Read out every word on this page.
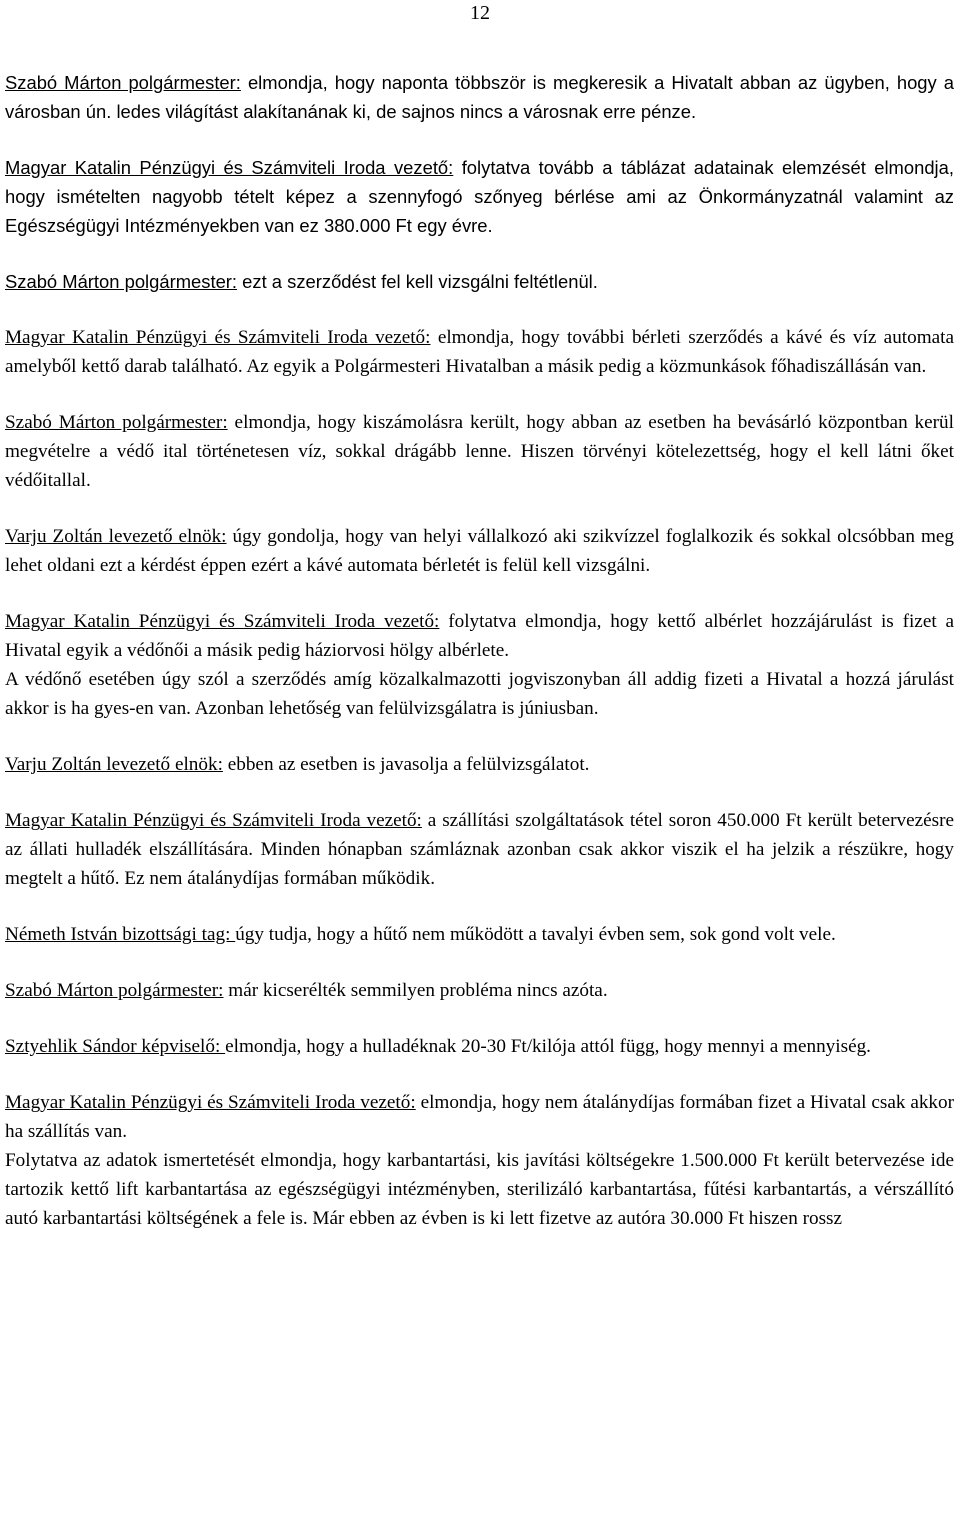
12

Szabó Márton polgármester: elmondja, hogy naponta többször is megkeresik a Hivatalt abban az ügyben, hogy a városban ún. ledes világítást alakítanának ki, de sajnos nincs a városnak erre pénze.

Magyar Katalin Pénzügyi és Számviteli Iroda vezető: folytatva tovább a táblázat adatainak elemzését elmondja, hogy ismételten nagyobb tételt képez a szennyfogó szőnyeg bérlése ami az Önkormányzatnál valamint az Egészségügyi Intézményekben van ez 380.000 Ft egy évre.

Szabó Márton polgármester: ezt a szerződést fel kell vizsgálni feltétlenül.

Magyar Katalin Pénzügyi és Számviteli Iroda vezető: elmondja, hogy további bérleti szerződés a kávé és víz automata amelyből kettő darab található. Az egyik a Polgármesteri Hivatalban a másik pedig a közmunkások főhadiszállásán van.

Szabó Márton polgármester: elmondja, hogy kiszámolásra került, hogy abban az esetben ha bevásárló központban kerül megvételre a védő ital történetesen víz, sokkal drágább lenne. Hiszen törvényi kötelezettség, hogy el kell látni őket védőitallal.

Varju Zoltán levezető elnök: úgy gondolja, hogy van helyi vállalkozó aki szikvízzel foglalkozik és sokkal olcsóbban meg lehet oldani ezt a kérdést éppen ezért a kávé automata bérletét is felül kell vizsgálni.

Magyar Katalin Pénzügyi és Számviteli Iroda vezető: folytatva elmondja, hogy kettő albérlet hozzájárulást is fizet a Hivatal egyik a védőnői a másik pedig háziorvosi hölgy albérlete.

A védőnő esetében úgy szól a szerződés amíg közalkalmazotti jogviszonyban áll addig fizeti a Hivatal a hozzá járulást akkor is ha gyes-en van. Azonban lehetőség van felülvizsgálatra is júniusban.

Varju Zoltán levezető elnök: ebben az esetben is javasolja a felülvizsgálatot.

Magyar Katalin Pénzügyi és Számviteli Iroda vezető: a szállítási szolgáltatások tétel soron 450.000 Ft került betervezésre az állati hulladék elszállítására. Minden hónapban számláznak azonban csak akkor viszik el ha jelzik a részükre, hogy megtelt a hűtő. Ez nem átalánydíjas formában működik.

Németh István bizottsági tag: úgy tudja, hogy a hűtő nem működött a tavalyi évben sem, sok gond volt vele.

Szabó Márton polgármester: már kicserélték semmilyen probléma nincs azóta.

Sztyehlik Sándor képviselő: elmondja, hogy a hulladéknak 20-30 Ft/kilója attól függ, hogy mennyi a mennyiség.

Magyar Katalin Pénzügyi és Számviteli Iroda vezető: elmondja, hogy nem átalánydíjas formában fizet a Hivatal csak akkor ha szállítás van.

Folytatva az adatok ismertetését elmondja, hogy karbantartási, kis javítási költségekre 1.500.000 Ft került betervezése ide tartozik kettő lift karbantartása az egészségügyi intézményben, sterilizáló karbantartása, fűtési karbantartás, a vérszállító autó karbantartási költségének a fele is. Már ebben az évben is ki lett fizetve az autóra 30.000 Ft hiszen rossz
